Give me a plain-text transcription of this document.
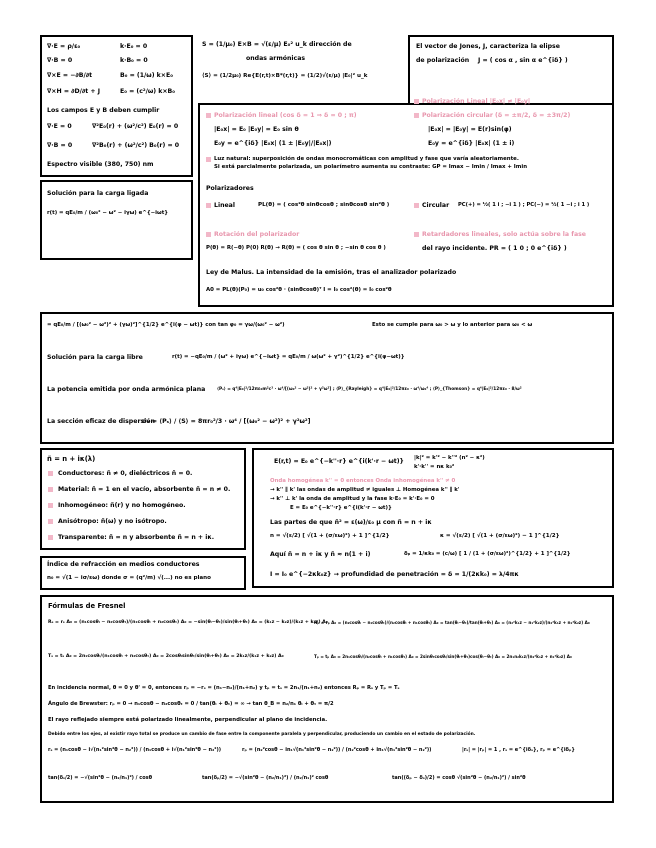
∇·E = ρ/ε₀	k·E₀ = 0
∇·B = 0	k·B₀ = 0
∇×E = −∂B/∂t	B₀ = (1/ω) k×E₀
∇×H = ∂D/∂t + J	E₀ = (c²/ω) k×B₀
Los campos E y B deben cumplir
∇·E = 0	∇²E₀(r) + (ω²/c²) E₀(r) = 0
∇·B = 0	∇²B₀(r) + (ω²/c²) B₀(r) = 0
Espectro visible (380, 750) nm
S = (1/μ₀) E×B = √(ε/μ) E₀² u_k dirección de
ondas armónicas
⟨S⟩ = (1/2μ₀) Re{E(r,t)×B*(r,t)} = (1/2)√(ε/μ) |E₀|² u_k
El vector de Jones, J, caracteriza la elipse
de polarización J = ( cos α , sin α e^{iδ} )
Polarización lineal (cos δ = 1 ⇒ δ = 0 ; π)
|E₀x| = E₀ |E₀y| = E₀ sin θ
E₀y = e^{iδ} |E₀x| (1 ± |E₀y|/|E₀x|)
Polarización Lineal |E₀x| ≠ |E₀y|
Polarización circular (δ = ±π/2, δ = ±3π/2)
|E₀x| = |E₀y| = E(r)sin(φ)
E₀y = e^{iδ} |E₀x| (1 ± i)
Luz natural: superposición de ondas monocromáticas con amplitud y fase que varía aleatoriamente.
Si está parcialmente polarizada, un polarímetro aumenta su contraste: GP = Imax − Imin / Imax + Imin
Polarizadores
Lineal	PL(θ) = ( cos²θ sinθcosθ ; sinθcosθ sin²θ )	Circular PC(+) = ½( 1 i ; −i 1 ) ; PC(−) = ½( 1 −i ; i 1 )
Rotación del polarizador
P(θ) = R(−θ) P(0) R(θ) → R(θ) = ( cos θ sin θ ; −sin θ cos θ )
Retardadores lineales, solo actúa sobre la fase
del rayo incidente. PR = ( 1 0 ; 0 e^{iδ} )
Ley de Malus. La intensidad de la emisión, tras el analizador polarizado
A0 = PL(θ)(P₀) = u₀ cos²θ · (sinθcosθ)ᵀ I = I₀ cos²(θ) = I₀ cos²θ
Solución para la carga ligada
r(t) = qE₀/m / (ω₀² − ω² − iγω) e^{−iωt}
= qE₀/m / [(ω₀² − ω²)² + (γω)²]^{1/2} e^{i(φ − ωt)} con tan φ₀ = γω/(ω₀² − ω²)	Esto se cumple para ω₀ > ω y lo anterior para ω₀ < ω
Solución para la carga libre	r(t) = −qE₀/m / (ω² + iγω) e^{−iωt} = qE₀/m / ω(ω² + γ²)^{1/2} e^{i(φ−ωt)}
La potencia emitida por onda armónica plana	⟨Pₛ⟩ = q⁴|E₀|²/12πε₀m²c³ · ω⁴/[(ω₀² − ω²)² + γ²ω²] ; ⟨P⟩_{Rayleigh} = q⁴|E₀|²/12πε₀ · ω⁴/ω₀⁴ ; ⟨P⟩_{Thomson} = q⁴|E₀|²/12πε₀ · 8/ω²
La sección eficaz de dispersión
σₑ = ⟨Pₛ⟩ / ⟨S⟩ = 8πr₀²/3 · ω⁴ / [(ω₀² − ω²)² + γ²ω²]
ñ = n + iκ(λ)
Conductores: ñ ≠ 0, dieléctricos ñ = 0.
Material: ñ = 1 en el vacío, absorbente ñ = n ≠ 0.
Inhomogéneo: ñ(r) y no homogéneo.
Anisótropo: ñ(ω) y no isótropo.
Transparente: ñ = n y absorbente ñ = n + iκ.
Índice de refracción en medios conductores
n₀ = √(1 − iσ/εω) donde σ = (q²/m) √(...) no es plano
E(r,t) = E₀ e^{−k''·r} e^{i(k'·r − ωt)} |k|² = k'² − k''² (n² − κ²)
k'·k'' = nκ k₀²
Onda homogénea k'' = 0 entonces Onda inhomogénea k'' ≠ 0
→ k'' ∥ k' las ondas de amplitud ≠ iguales ⊥ Homogénea k'' ∥ k'
→ k'' ⊥ k' la onda de amplitud y la fase k·E₀ = k'·E₀ = 0
E = E₀ e^{−k''·r} e^{i(k'·r − ωt)}
Las partes de que ñ² = ε(ω)/ε₀ μ con ñ = n + iκ
n = √(ε/2) [ √(1 + (σ/εω)²) + 1 ]^{1/2}	κ = √(ε/2) [ √(1 + (σ/εω)²) − 1 ]^{1/2}
Aquí ñ = n + iκ y ñ ≈ n(1 + i)	δₚ = 1/κk₀ = (c/ω) [ 1 / (1 + (σ/εω)²)^{1/2} + 1 ]^{1/2}
I = I₀ e^{−2κk₀z} → profundidad de penetración = δ = 1/(2κk₀) = λ/4πκ
Fórmulas de Fresnel
Rₛ = rₛ A₀ = (n₁cosθᵢ − n₂cosθₜ)/(n₁cosθᵢ + n₂cosθₜ) A₀ = −sin(θᵢ−θₜ)/sin(θᵢ+θₜ) A₀ = (k₁z − k₂z)/(k₁z + k₂z) A₀
Rₚ = rₚ A₀ = (n₂cosθᵢ − n₁cosθₜ)/(n₂cosθᵢ + n₁cosθₜ) A₀ = tan(θᵢ−θₜ)/tan(θᵢ+θₜ) A₀ = (n₂²k₁z − n₁²k₂z)/(n₂²k₁z + n₁²k₂z) A₀
Tₛ = tₛ A₀ = 2n₁cosθᵢ/(n₁cosθᵢ + n₂cosθₜ) A₀ = 2cosθᵢsinθₜ/sin(θᵢ+θₜ) A₀ = 2k₁z/(k₁z + k₂z) A₀	Tₚ = tₚ A₀ = 2n₁cosθᵢ/(n₂cosθᵢ + n₁cosθₜ) A₀ = 2sinθₜcosθᵢ/sin(θᵢ+θₜ)cos(θᵢ−θₜ) A₀ = 2n₁n₂k₁z/(n₂²k₁z + n₁²k₂z) A₀
En incidencia normal, θ = 0 y θ' = 0, entonces rₚ = −rₛ = (n₁−n₂)/(n₁+n₂) y tₚ = tₛ = 2n₁/(n₁+n₂) entonces Rₚ = Rₛ y Tₚ = Tₛ
Ángulo de Brewster: rₚ = 0 → n₁cosθ − n₂cosθₜ = 0 / tan(θᵢ + θₜ) = ∞ → tan θ_B = n₂/n₁ θᵢ + θₜ = π/2
El rayo reflejado siempre está polarizado linealmente, perpendicular al plano de incidencia.
Debido entre los ejes, al existir rayo total se produce un cambio de fase entre la componente paralela y perpendicular, produciendo un cambio en el estado de polarización.
rₛ = (n₁cosθ − i√(n₁²sin²θ − n₂²)) / (n₁cosθ + i√(n₁²sin²θ − n₂²))	rₚ = (n₂²cosθ − in₁√(n₁²sin²θ − n₂²)) / (n₂²cosθ + in₁√(n₁²sin²θ − n₂²))	|rₛ| = |rₚ| = 1 , rₛ = e^{iδₛ}, rₚ = e^{iδₚ}
tan(δₛ/2) = −√(sin²θ − (n₂/n₁)²) / cosθ	tan(δₚ/2) = −√(sin²θ − (n₂/n₁)²) / (n₂/n₁)² cosθ	tan((δₚ − δₛ)/2) = cosθ √(sin²θ − (n₂/n₁)²) / sin²θ
